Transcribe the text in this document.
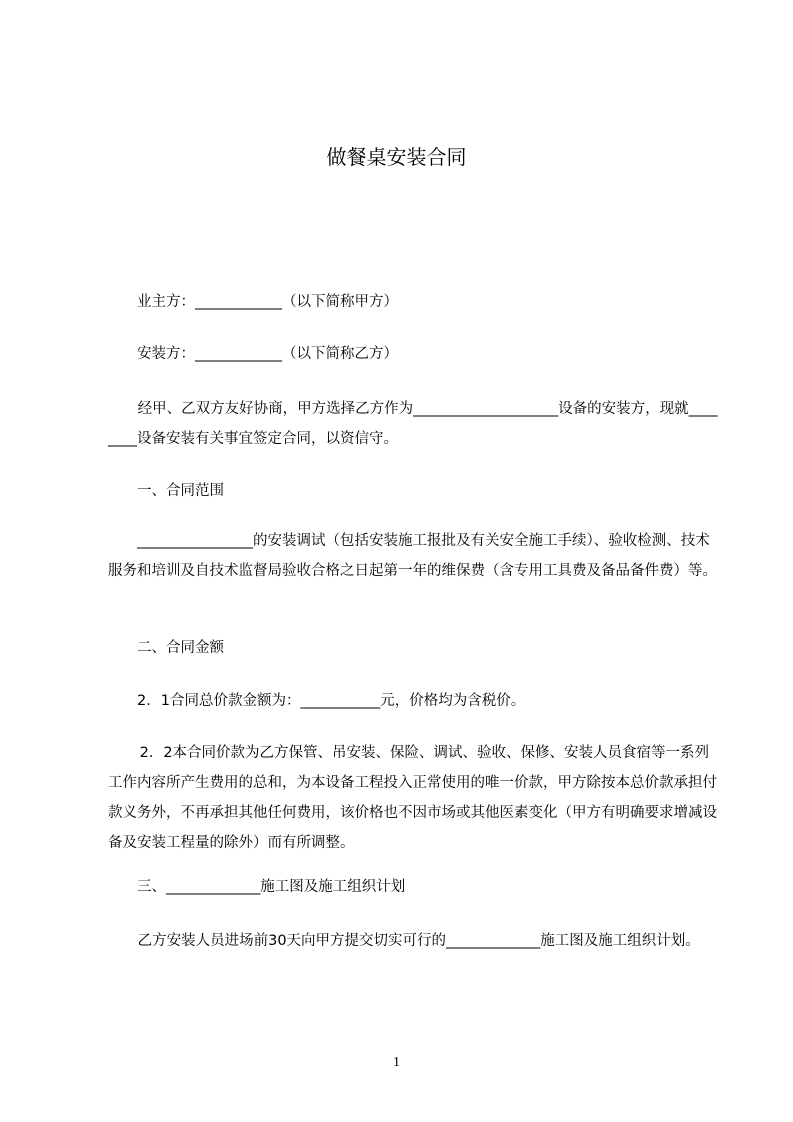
做餐桌安装合同
业主方：____________（以下简称甲方）
安装方：____________（以下简称乙方）
经甲、乙双方友好协商，甲方选择乙方作为____________________设备的安装方，现就________设备安装有关事宜签定合同，以资信守。
一、合同范围
________________的安装调试（包括安装施工报批及有关安全施工手续）、验收检测、技术服务和培训及自技术监督局验收合格之日起第一年的维保费（含专用工具费及备品备件费）等。
二、合同金额
2．1合同总价款金额为：___________元，价格均为含税价。
2．2本合同价款为乙方保管、吊安装、保险、调试、验收、保修、安装人员食宿等一系列工作内容所产生费用的总和，为本设备工程投入正常使用的唯一价款，甲方除按本总价款承担付款义务外，不再承担其他任何费用，该价格也不因市场或其他医素变化（甲方有明确要求增减设备及安装工程量的除外）而有所调整。
三、_____________施工图及施工组织计划
乙方安装人员进场前30天向甲方提交切实可行的_____________施工图及施工组织计划。
1
